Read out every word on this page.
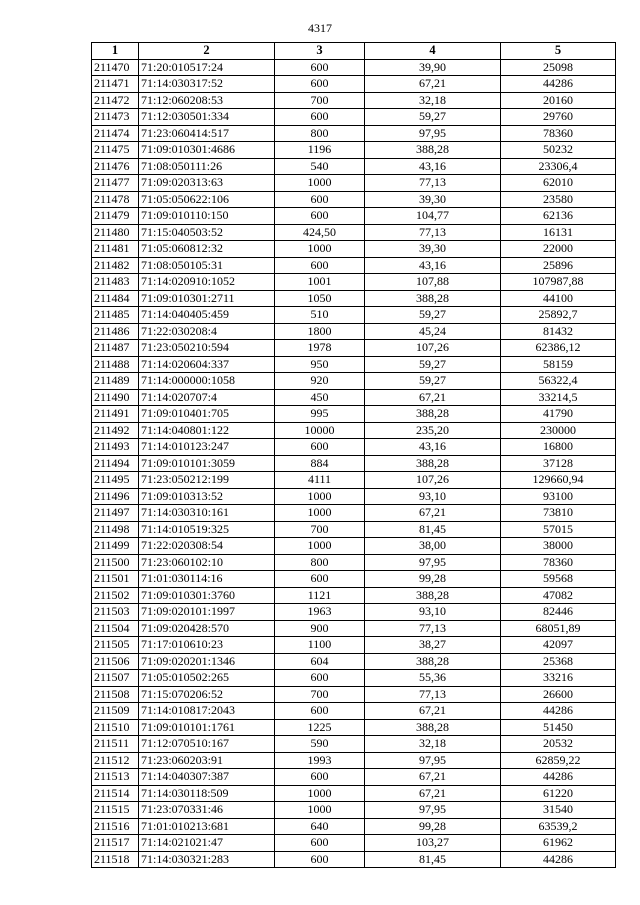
4317
1	2	3	4	5
211470	71:20:010517:24	600	39,90	25098
211471	71:14:030317:52	600	67,21	44286
211472	71:12:060208:53	700	32,18	20160
211473	71:12:030501:334	600	59,27	29760
211474	71:23:060414:517	800	97,95	78360
211475	71:09:010301:4686	1196	388,28	50232
211476	71:08:050111:26	540	43,16	23306,4
211477	71:09:020313:63	1000	77,13	62010
211478	71:05:050622:106	600	39,30	23580
211479	71:09:010110:150	600	104,77	62136
211480	71:15:040503:52	424,50	77,13	16131
211481	71:05:060812:32	1000	39,30	22000
211482	71:08:050105:31	600	43,16	25896
211483	71:14:020910:1052	1001	107,88	107987,88
211484	71:09:010301:2711	1050	388,28	44100
211485	71:14:040405:459	510	59,27	25892,7
211486	71:22:030208:4	1800	45,24	81432
211487	71:23:050210:594	1978	107,26	62386,12
211488	71:14:020604:337	950	59,27	58159
211489	71:14:000000:1058	920	59,27	56322,4
211490	71:14:020707:4	450	67,21	33214,5
211491	71:09:010401:705	995	388,28	41790
211492	71:14:040801:122	10000	235,20	230000
211493	71:14:010123:247	600	43,16	16800
211494	71:09:010101:3059	884	388,28	37128
211495	71:23:050212:199	4111	107,26	129660,94
211496	71:09:010313:52	1000	93,10	93100
211497	71:14:030310:161	1000	67,21	73810
211498	71:14:010519:325	700	81,45	57015
211499	71:22:020308:54	1000	38,00	38000
211500	71:23:060102:10	800	97,95	78360
211501	71:01:030114:16	600	99,28	59568
211502	71:09:010301:3760	1121	388,28	47082
211503	71:09:020101:1997	1963	93,10	82446
211504	71:09:020428:570	900	77,13	68051,89
211505	71:17:010610:23	1100	38,27	42097
211506	71:09:020201:1346	604	388,28	25368
211507	71:05:010502:265	600	55,36	33216
211508	71:15:070206:52	700	77,13	26600
211509	71:14:010817:2043	600	67,21	44286
211510	71:09:010101:1761	1225	388,28	51450
211511	71:12:070510:167	590	32,18	20532
211512	71:23:060203:91	1993	97,95	62859,22
211513	71:14:040307:387	600	67,21	44286
211514	71:14:030118:509	1000	67,21	61220
211515	71:23:070331:46	1000	97,95	31540
211516	71:01:010213:681	640	99,28	63539,2
211517	71:14:021021:47	600	103,27	61962
211518	71:14:030321:283	600	81,45	44286
